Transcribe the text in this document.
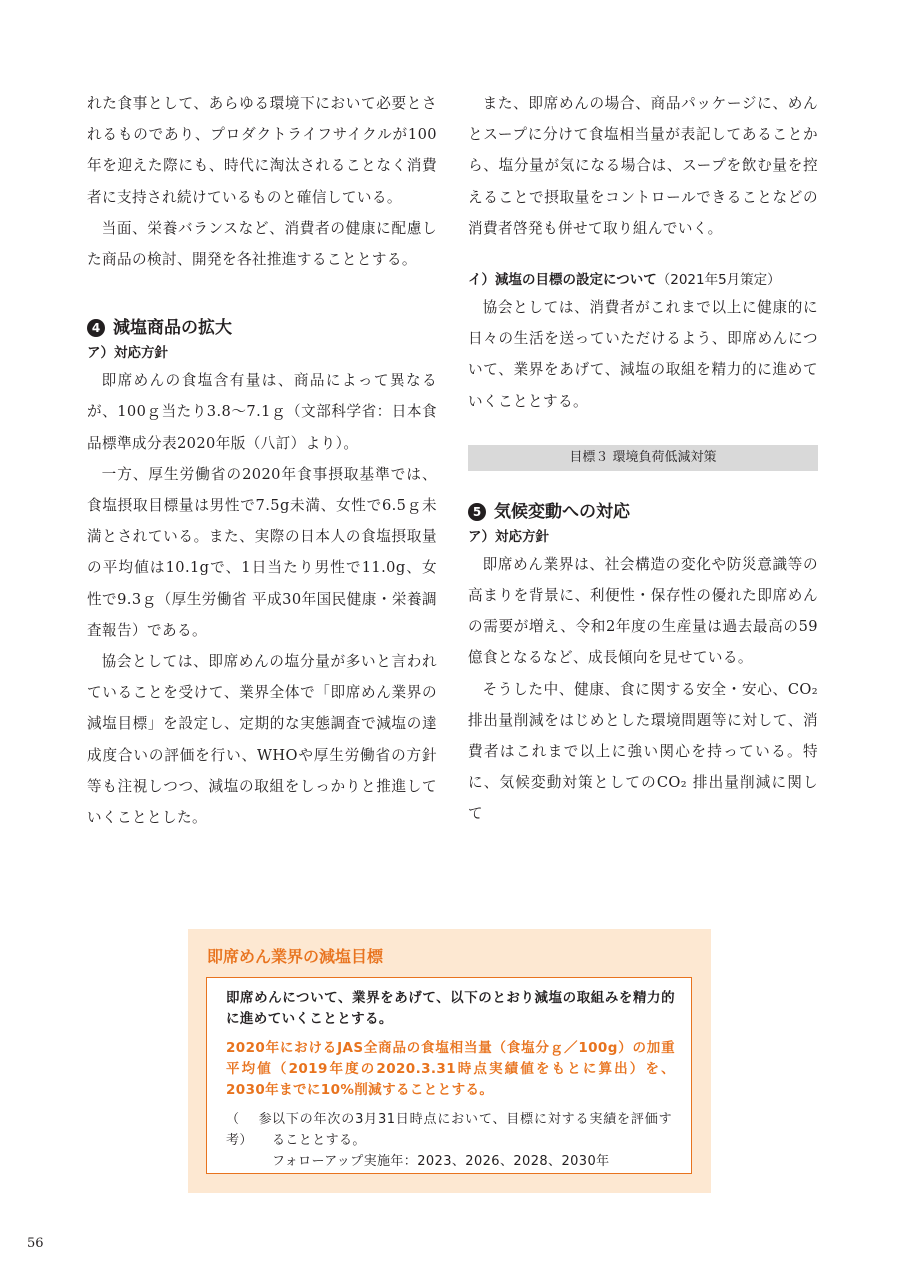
れた食事として、あらゆる環境下において必要とされるものであり、プロダクトライフサイクルが100年を迎えた際にも、時代に淘汰されることなく消費者に支持され続けているものと確信している。

当面、栄養バランスなど、消費者の健康に配慮した商品の検討、開発を各社推進することとする。

4 減塩商品の拡大
ア）対応方針

即席めんの食塩含有量は、商品によって異なるが、100ｇ当たり3.8〜7.1ｇ（文部科学省：日本食品標準成分表2020年版（八訂）より）。

一方、厚生労働省の2020年食事摂取基準では、食塩摂取目標量は男性で7.5g未満、女性で6.5ｇ未満とされている。また、実際の日本人の食塩摂取量の平均値は10.1gで、1日当たり男性で11.0g、女性で9.3ｇ（厚生労働省 平成30年国民健康・栄養調査報告）である。

協会としては、即席めんの塩分量が多いと言われていることを受けて、業界全体で「即席めん業界の減塩目標」を設定し、定期的な実態調査で減塩の達成度合いの評価を行い、WHOや厚生労働省の方針等も注視しつつ、減塩の取組をしっかりと推進していくこととした。

また、即席めんの場合、商品パッケージに、めんとスープに分けて食塩相当量が表記してあることから、塩分量が気になる場合は、スープを飲む量を控えることで摂取量をコントロールできることなどの消費者啓発も併せて取り組んでいく。

イ）減塩の目標の設定について（2021年5月策定）

協会としては、消費者がこれまで以上に健康的に日々の生活を送っていただけるよう、即席めんについて、業界をあげて、減塩の取組を精力的に進めていくこととする。

目標３ 環境負荷低減対策
5 気候変動への対応
ア）対応方針

即席めん業界は、社会構造の変化や防災意識等の高まりを背景に、利便性・保存性の優れた即席めんの需要が増え、令和2年度の生産量は過去最高の59億食となるなど、成長傾向を見せている。

そうした中、健康、食に関する安全・安心、CO₂排出量削減をはじめとした環境問題等に対して、消費者はこれまで以上に強い関心を持っている。特に、気候変動対策としてのCO₂ 排出量削減に関して

即席めん業界の減塩目標

即席めんについて、業界をあげて、以下のとおり減塩の取組みを精力的に進めていくこととする。

2020年におけるJAS全商品の食塩相当量（食塩分ｇ／100g）の加重平均値（2019年度の2020.3.31時点実績値をもとに算出）を、2030年までに10%削減することとする。

（参考）以下の年次の3月31日時点において、目標に対する実績を評価することとする。

フォローアップ実施年：2023、2026、2028、2030年

56
